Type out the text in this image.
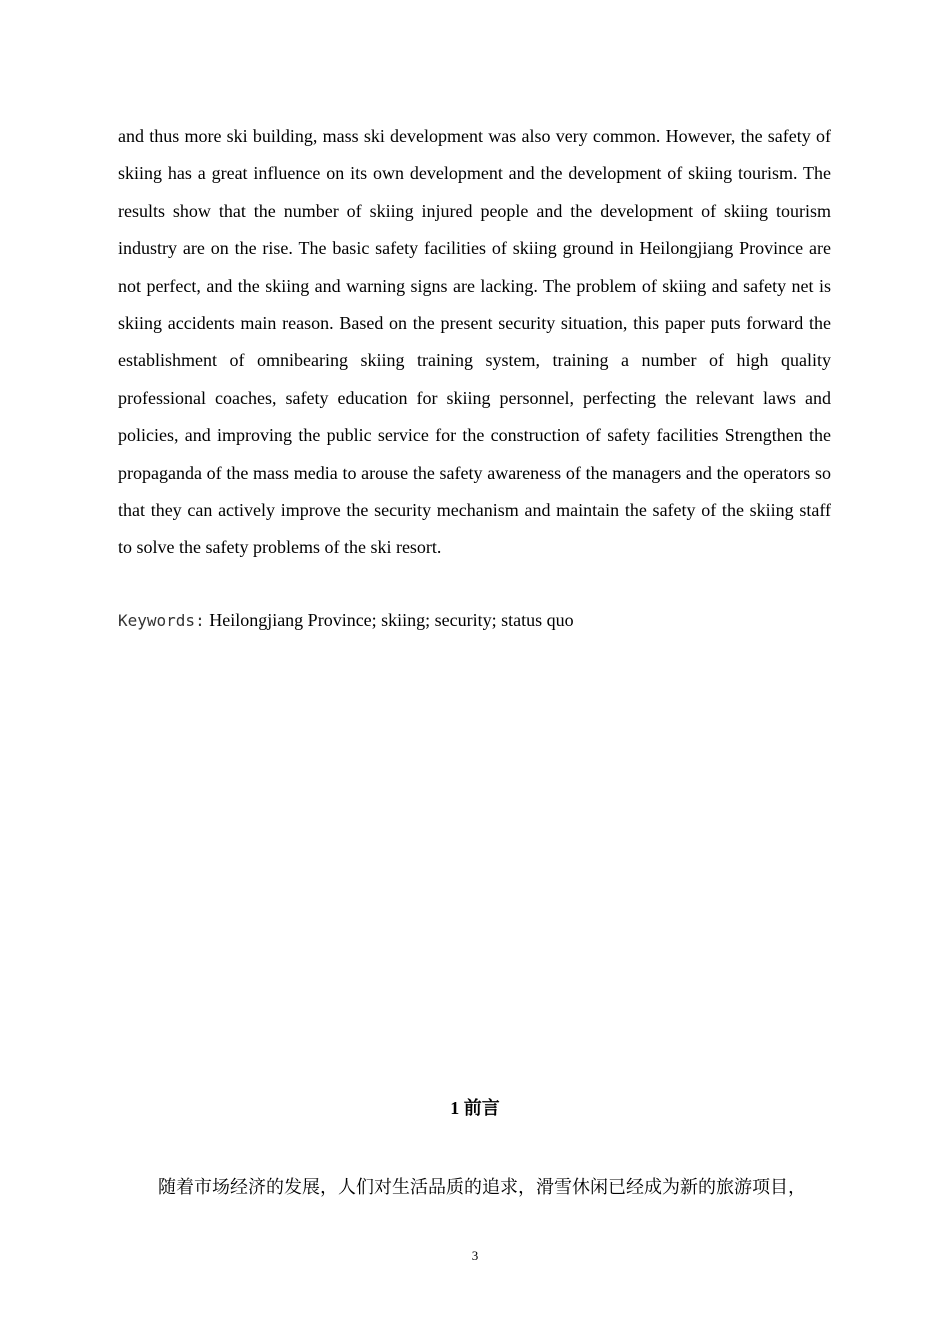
and thus more ski building, mass ski development was also very common. However, the safety of skiing has a great influence on its own development and the development of skiing tourism. The results show that the number of skiing injured people and the development of skiing tourism industry are on the rise. The basic safety facilities of skiing ground in Heilongjiang Province are not perfect, and the skiing and warning signs are lacking. The problem of skiing and safety net is skiing accidents main reason. Based on the present security situation, this paper puts forward the establishment of omnibearing skiing training system, training a number of high quality professional coaches, safety education for skiing personnel, perfecting the relevant laws and policies, and improving the public service for the construction of safety facilities Strengthen the propaganda of the mass media to arouse the safety awareness of the managers and the operators so that they can actively improve the security mechanism and maintain the safety of the skiing staff to solve the safety problems of the ski resort.

Keywords: Heilongjiang Province; skiing; security; status quo

1 前言

随着市场经济的发展，人们对生活品质的追求，滑雪休闲已经成为新的旅游项目，

3
